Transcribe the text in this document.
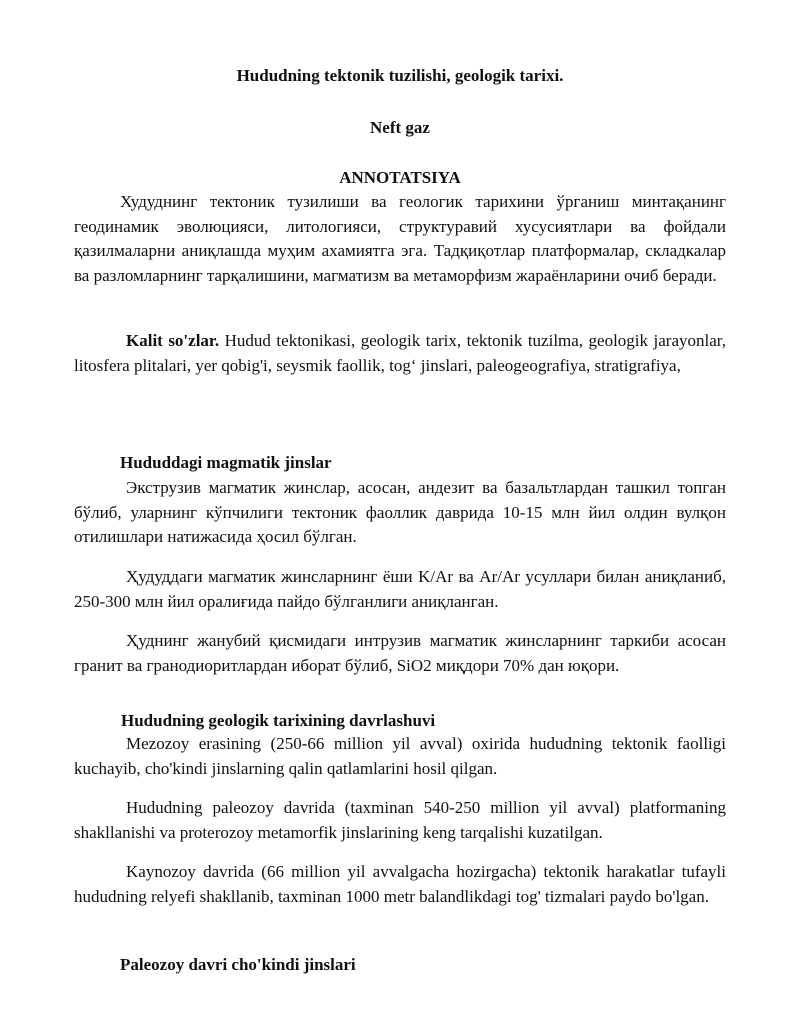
Hududning tektonik tuzilishi, geologik tarixi.
Neft gaz
ANNOTATSIYA
Худуднинг тектоник тузилиши ва геологик тарихини ўрганиш минтақанинг геодинамик эволюцияси, литологияси, структуравий хусусиятлари ва фойдали қазилмаларни аниқлашда муҳим ахамиятга эга. Тадқиқотлар платформалар, складкалар ва разломларнинг тарқалишини, магматизм ва метаморфизм жараёнларини очиб беради.
Kalit so'zlar. Hudud tektonikasi, geologik tarix, tektonik tuzilma, geologik jarayonlar, litosfera plitalari, yer qobig'i, seysmik faollik, tog‘ jinslari, paleogeografiya, stratigrafiya,
Hududdagi magmatik jinslar
Экструзив магматик жинслар, асосан, андезит ва базальтлардан ташкил топган бўлиб, уларнинг кўпчилиги тектоник фаоллик даврида 10-15 млн йил олдин вулқон отилишлари натижасида ҳосил бўлган.
Ҳудуддаги магматик жинсларнинг ёши K/Ar ва Ar/Ar усуллари билан аниқланиб, 250-300 млн йил оралиғида пайдо бўлганлиги аниқланган.
Ҳуднинг жанубий қисмидаги интрузив магматик жинсларнинг таркиби асосан гранит ва гранодиоритлардан иборат бўлиб, SiO2 миқдори 70% дан юқори.
Hududning geologik tarixining davrlashuvi
Mezozoy erasining (250-66 million yil avval) oxirida hududning tektonik faolligi kuchayib, cho'kindi jinslarning qalin qatlamlarini hosil qilgan.
Hududning paleozoy davrida (taxminan 540-250 million yil avval) platformaning shakllanishi va proterozoy metamorfik jinslarining keng tarqalishi kuzatilgan.
Kaynozoy davrida (66 million yil avvalgacha hozirgacha) tektonik harakatlar tufayli hududning relyefi shakllanib, taxminan 1000 metr balandlikdagi tog' tizmalari paydo bo'lgan.
Paleozoy davri cho'kindi jinslari
